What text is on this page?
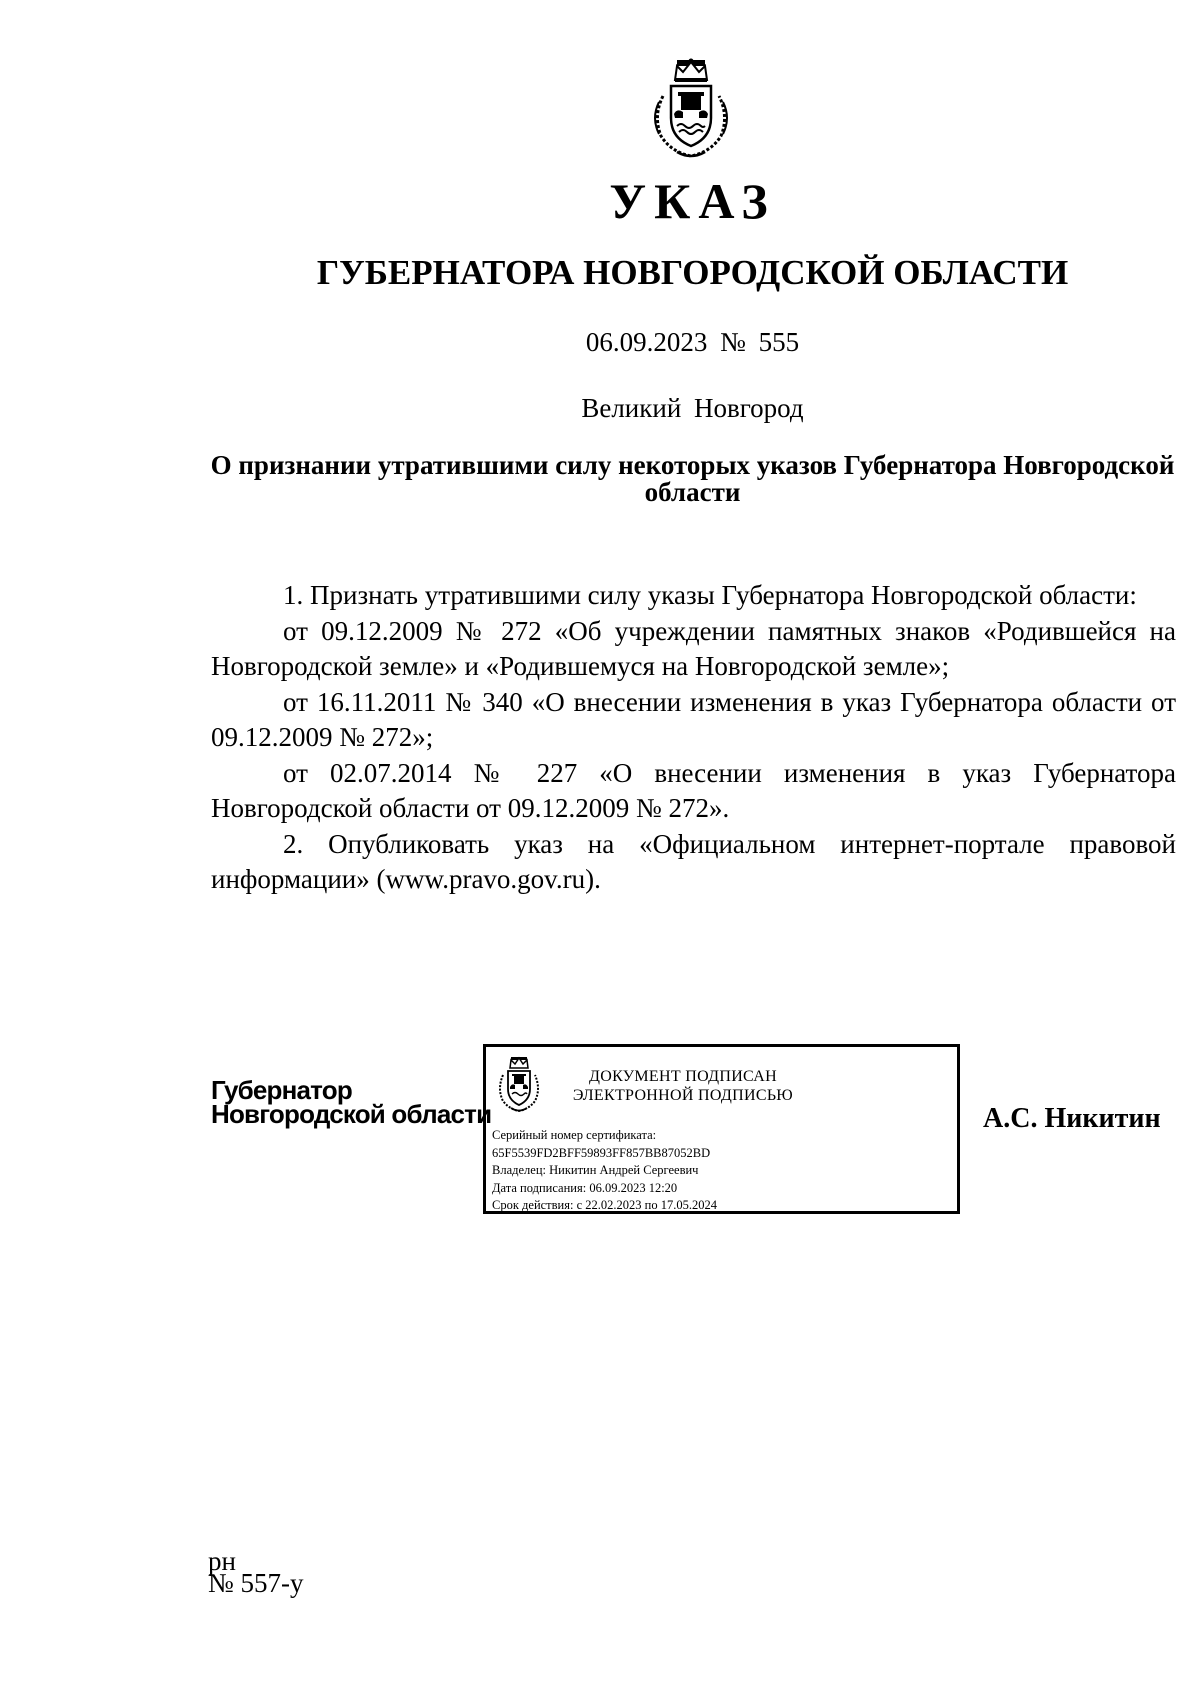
УКАЗ
ГУБЕРНАТОРА НОВГОРОДСКОЙ ОБЛАСТИ
06.09.2023 № 555
Великий Новгород
О признании утратившими силу некоторых указов Губернатора Новгородской области

1. Признать утратившими силу указы Губернатора Новгородской области:

от 09.12.2009 № 272 «Об учреждении памятных знаков «Родившейся на Новгородской земле» и «Родившемуся на Новгородской земле»;

от 16.11.2011 № 340 «О внесении изменения в указ Губернатора области от 09.12.2009 № 272»;

от 02.07.2014 № 227 «О внесении изменения в указ Губернатора Новгородской области от 09.12.2009 № 272».

2. Опубликовать указ на «Официальном интернет-портале правовой информации» (www.pravo.gov.ru).

Губернатор
Новгородской области
ДОКУМЕНТ ПОДПИСАН
ЭЛЕКТРОННОЙ ПОДПИСЬЮ
Серийный номер сертификата:
65F5539FD2BFF59893FF857BB87052BD
Владелец: Никитин Андрей Сергеевич
Дата подписания: 06.09.2023 12:20
Срок действия: с 22.02.2023 по 17.05.2024
А.С. Никитин
рн
№ 557-у
